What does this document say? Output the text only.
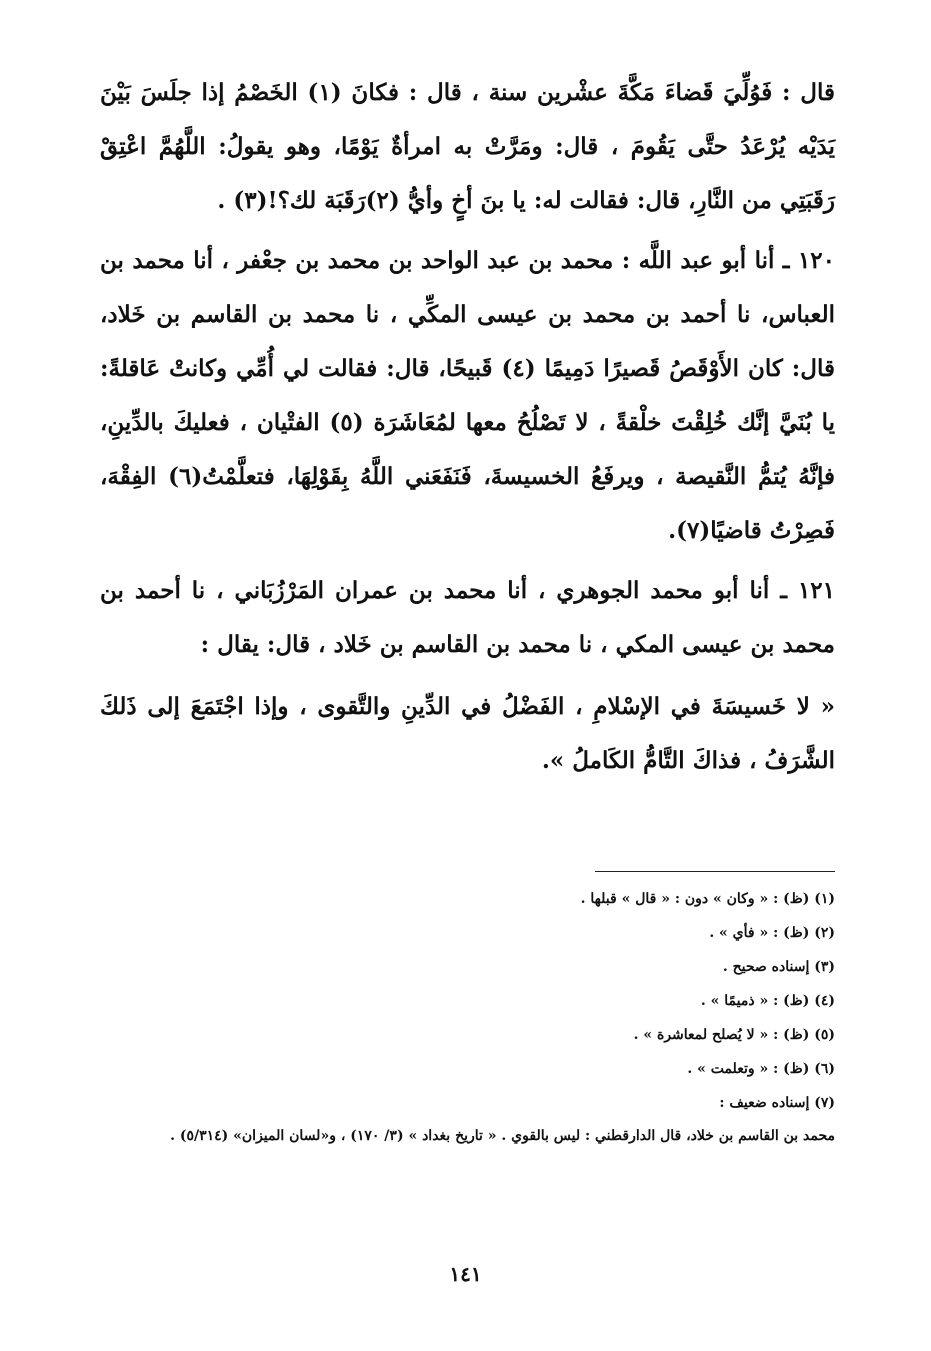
قال : فَوُلِّيَ قَضاءَ مَكَّةَ عشْرين سنة ، قال : فكانَ (١) الخَصْمُ إذا جلَسَ بَيْنَ يَدَيْه يُرْعَدُ حتَّى يَقُومَ ، قال: ومَرَّتْ به امرأةٌ يَوْمًا، وهو يقولُ: اللَّهُمَّ اعْتِقْ رَقَبَتِي من النَّارِ، قال: فقالت له: يا بنَ أخٍ وأيُّ (٢)رَقَبَة لك؟!(٣) .

١٢٠ ـ أنا أبو عبد اللَّه : محمد بن عبد الواحد بن محمد بن جعْفر ، أنا محمد بن العباس، نا أحمد بن محمد بن عيسى المكِّي ، نا محمد بن القاسم بن خَلاد، قال: كان الأَوْقَصُ قَصيرًا دَمِيمًا (٤) قَبيحًا، قال: فقالت لي أُمِّي وكانتْ عَاقلةً: يا بُنَيَّ إنَّك خُلِقْتَ خلْقةً ، لا تَصْلُحُ معها لمُعَاشَرَة (٥) الفتْيان ، فعليكَ بالدِّينِ، فإنَّهُ يُتمُّ النَّقيصة ، ويرفَعُ الخسيسةَ، فَنَفَعَني اللَّهُ بِقَوْلِهَا، فتعلَّمْتُ(٦) الفِقْهَ، فَصِرْتُ قاضيًا(٧).

١٢١ ـ أنا أبو محمد الجوهري ، أنا محمد بن عمران المَرْزُبَاني ، نا أحمد بن محمد بن عيسى المكي ، نا محمد بن القاسم بن خَلاد ، قال: يقال :

« لا خَسيسَةَ في الإسْلامِ ، الفَضْلُ في الدِّينِ والتَّقوى ، وإذا اجْتَمَعَ إلى ذَلكَ الشَّرَفُ ، فذاكَ التَّامُّ الكَاملُ ».

(١) (ظ) : « وكان » دون : « قال » قبلها .

(٢) (ظ) : « فأي » .

(٣) إسناده صحيح .

(٤) (ظ) : « ذميمًا » .

(٥) (ظ) : « لا يُصلح لمعاشرة » .

(٦) (ظ) : « وتعلمت » .

(٧) إسناده ضعيف :

محمد بن القاسم بن خلاد، قال الدارقطني : ليس بالقوي . « تاريخ بغداد » (٣/ ١٧٠) ، و«لسان الميزان» (٥/٣١٤) .

١٤١
